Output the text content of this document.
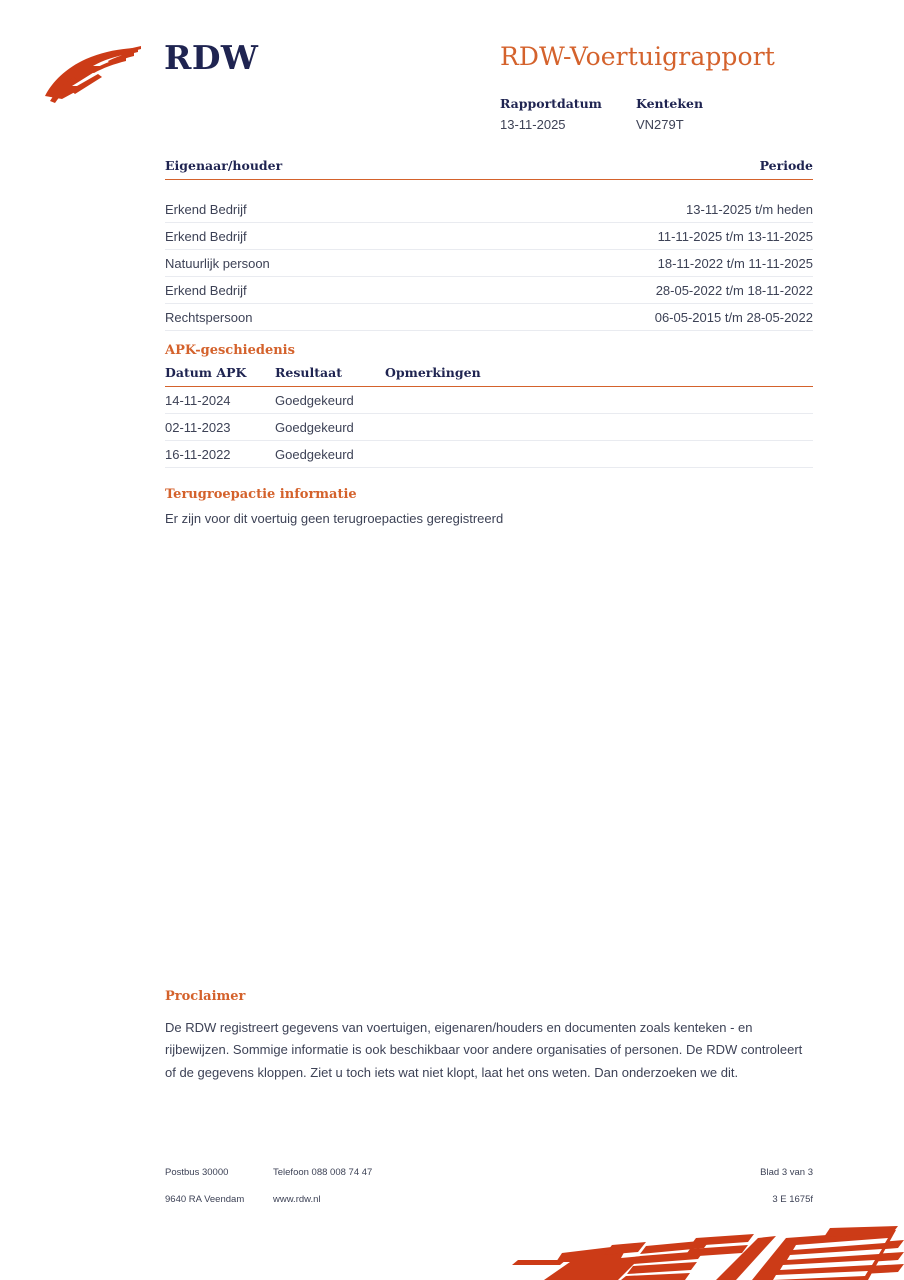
RDW	RDW-Voertuigrapport
Rapportdatum
13-11-2025
Kenteken
VN279T
Eigenaar/houder	Periode
Erkend Bedrijf	13-11-2025 t/m heden
Erkend Bedrijf	11-11-2025 t/m 13-11-2025
Natuurlijk persoon	18-11-2022 t/m 11-11-2025
Erkend Bedrijf	28-05-2022 t/m 18-11-2022
Rechtspersoon	06-05-2015 t/m 28-05-2022
APK-geschiedenis
Datum APK	Resultaat	Opmerkingen
14-11-2024	Goedgekeurd	
02-11-2023	Goedgekeurd	
16-11-2022	Goedgekeurd	
Terugroepactie informatie

Er zijn voor dit voertuig geen terugroepacties geregistreerd

Proclaimer

De RDW registreert gegevens van voertuigen, eigenaren/houders en documenten zoals kenteken - en rijbewijzen. Sommige informatie is ook beschikbaar voor andere organisaties of personen. De RDW controleert of de gegevens kloppen. Ziet u toch iets wat niet klopt, laat het ons weten. Dan onderzoeken we dit.

Postbus 30000
9640 RA Veendam
Telefoon 088 008 74 47
www.rdw.nl
Blad 3 van 3
3 E 1675f
